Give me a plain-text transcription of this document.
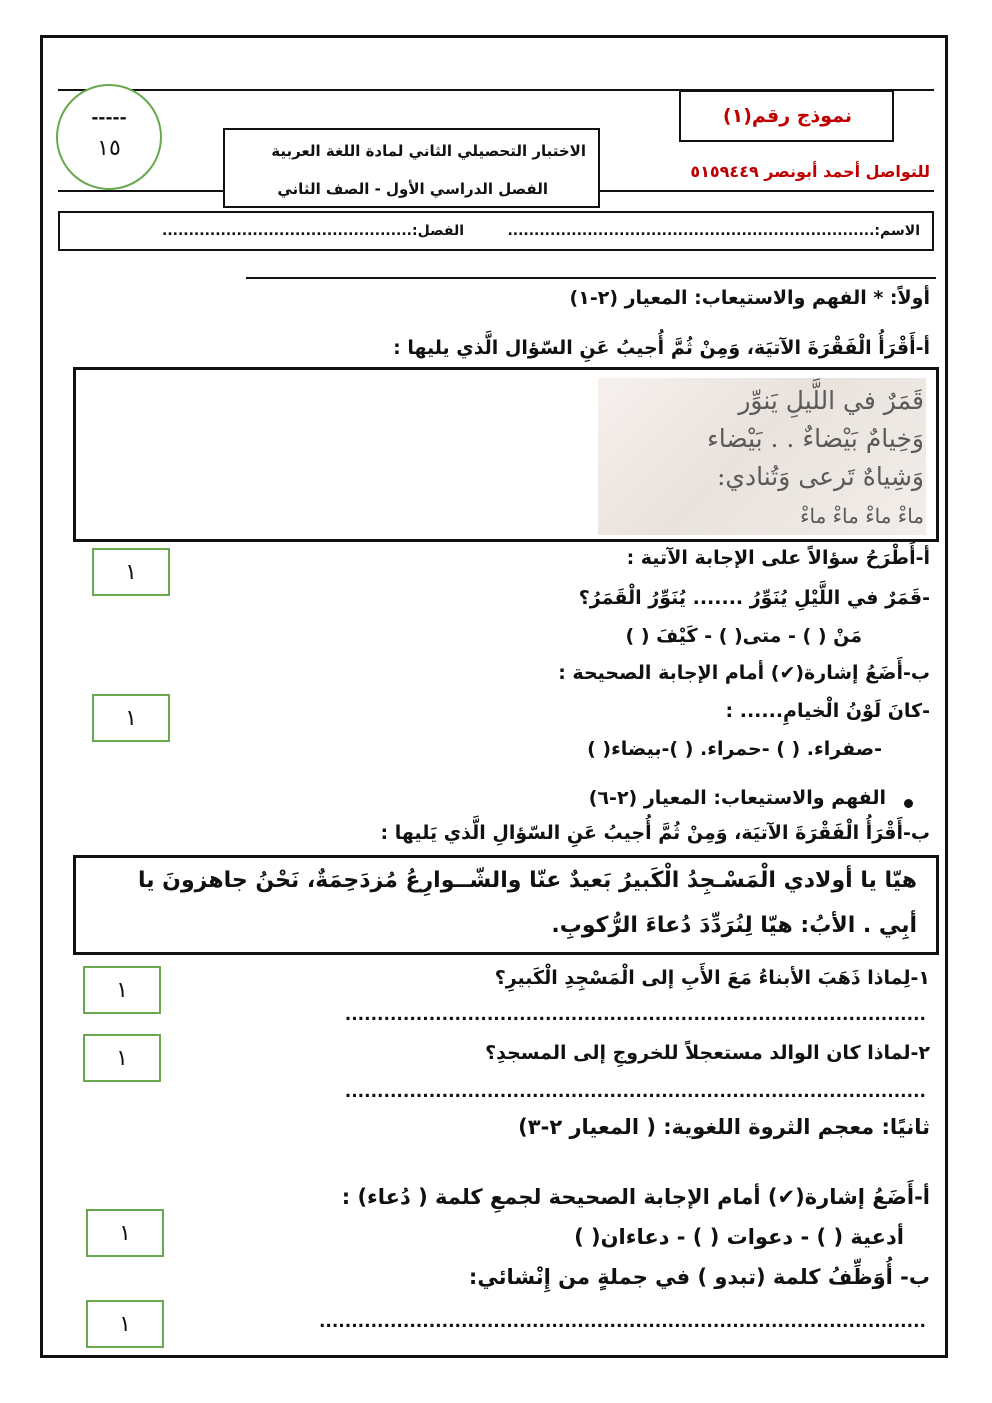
-----
١٥	الاختبار التحصيلي الثاني لمادة اللغة العربية
الفصل الدراسي الأول - الصف الثاني
نموذج رقم(١)
للتواصل أحمد أبونصر ٥١٥٩٤٤٩
الاسم:.....................................................................
الفصل:...............................................
أولاً: * الفهم والاستيعاب: المعيار (٢-١)
أ-أَقْرَأُ الْفَقْرَةَ الآتيَة، وَمِنْ ثُمَّ أُجيبُ عَنِ السّؤال الَّذي يليها :
قَمَرٌ في اللَّيلِ يَنوِّر
وَخِيامٌ بَيْضاءٌ . . بَيْضاء
وَشِياهٌ تَرعى وَتُنادي:
ماءْ ماءْ ماءْ ماءْ
أ-أَطْرَحُ سؤالاً على الإجابة الآتية :
-قَمَرٌ في اللَّيْلِ يُنَوِّرُ ....... يُنَوِّرُ الْقَمَرُ؟
مَنْ ( ) - متى( ) - كَيْفَ ( )
ب-أَضَعُ إشارة(✔) أمام الإجابة الصحيحة :
-كانَ لَوْنُ الْخيامِ...... :
-صفراء. ( ) -حمراء. ( )-بيضاء( )
الفهم والاستيعاب: المعيار (٢-٦)
ب-أَقْرَأُ الْفَقْرَةَ الآتيَة، وَمِنْ ثُمَّ أُجيبُ عَنِ السّؤالِ الَّذي يَليها :
هيّا يا أولادي الْمَسْـجِدُ الْكَبيرُ بَعيدٌ عنّا والشّــوارِعُ مُزدَحِمَةٌ، نَحْنُ جاهزونَ يا
أبِي . الأبُ: هيّا لِنُرَدِّدَ دُعاءَ الرُّكوبِ.
١-لِماذا ذَهَبَ الأبناءُ مَعَ الأَبِ إلى الْمَسْجِدِ الْكَبيرِ؟
..........................................................................................
٢-لماذا كان الوالد مستعجلاً للخروجِ إلى المسجدِ؟
..........................................................................................
ثانيًا: معجم الثروة اللغوية: ( المعيار ٢-٣)
أ-أَضَعُ إشارة(✔) أمام الإجابة الصحيحة لجمعِ كلمة ( دُعاء) :
أدعية ( ) - دعوات ( ) - دعاءان( )
ب- أُوَظِّفُ كلمة (تبدو ) في جملةٍ من إِنْشائي:
..............................................................................................
١
١
١
١
١
١
